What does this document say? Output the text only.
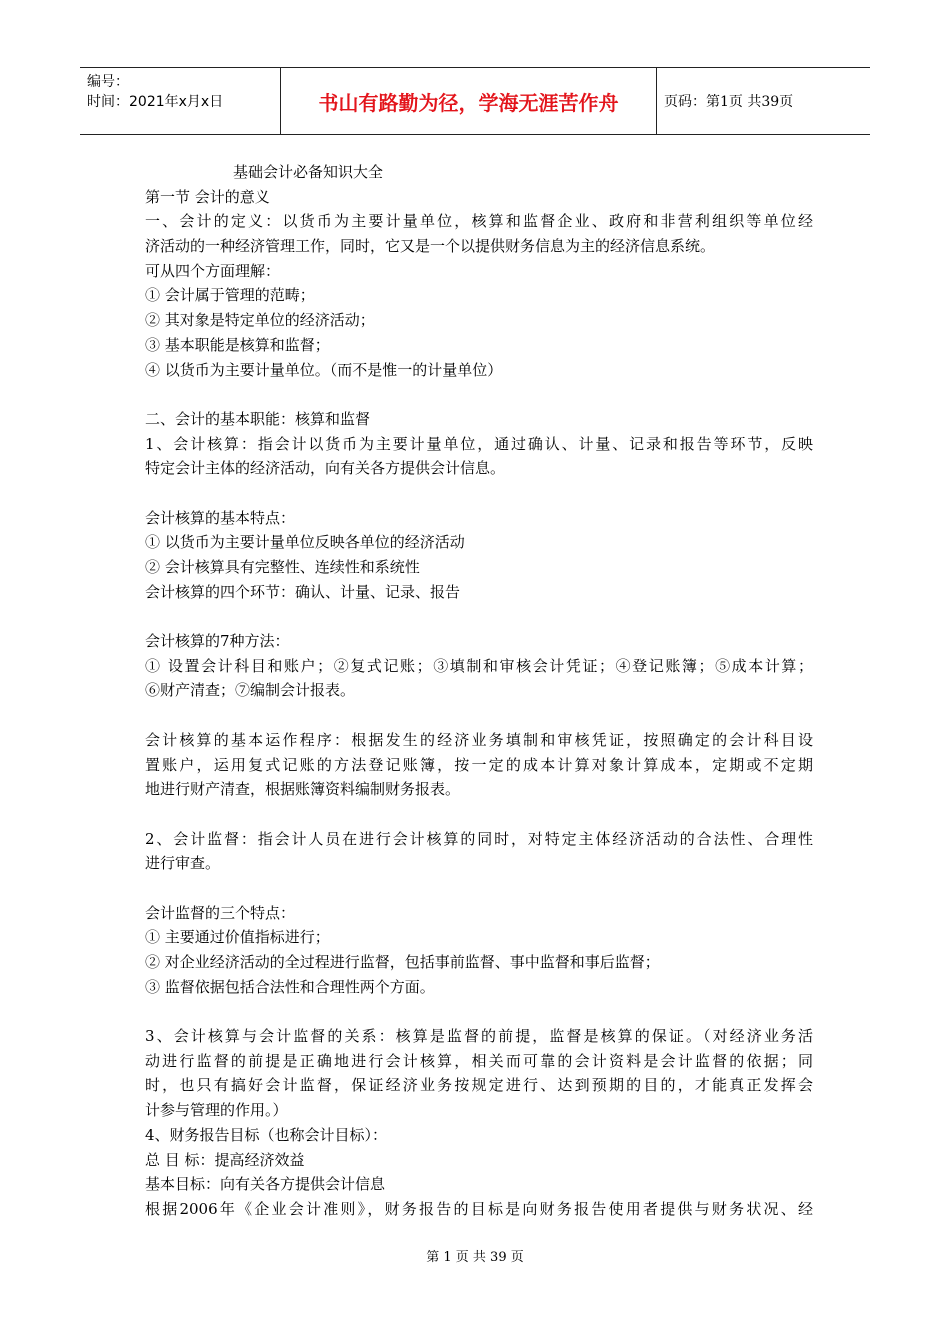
编号：
时间：2021年x月x日	书山有路勤为径，学海无涯苦作舟	页码：第1页 共39页
基础会计必备知识大全
第一节 会计的意义
一、会计的定义：以货币为主要计量单位，核算和监督企业、政府和非营利组织等单位经
济活动的一种经济管理工作，同时，它又是一个以提供财务信息为主的经济信息系统。
可从四个方面理解：
① 会计属于管理的范畴；
② 其对象是特定单位的经济活动；
③ 基本职能是核算和监督；
④ 以货币为主要计量单位。（而不是惟一的计量单位）
二、会计的基本职能：核算和监督
1、会计核算：指会计以货币为主要计量单位，通过确认、计量、记录和报告等环节，反映
特定会计主体的经济活动，向有关各方提供会计信息。
会计核算的基本特点：
① 以货币为主要计量单位反映各单位的经济活动
② 会计核算具有完整性、连续性和系统性
会计核算的四个环节：确认、计量、记录、报告
会计核算的7种方法：
① 设置会计科目和账户；②复式记账；③填制和审核会计凭证；④登记账簿；⑤成本计算；
⑥财产清查；⑦编制会计报表。
会计核算的基本运作程序：根据发生的经济业务填制和审核凭证，按照确定的会计科目设
置账户，运用复式记账的方法登记账簿，按一定的成本计算对象计算成本，定期或不定期
地进行财产清查，根据账簿资料编制财务报表。
2、会计监督：指会计人员在进行会计核算的同时，对特定主体经济活动的合法性、合理性
进行审查。
会计监督的三个特点：
① 主要通过价值指标进行；
② 对企业经济活动的全过程进行监督，包括事前监督、事中监督和事后监督；
③ 监督依据包括合法性和合理性两个方面。
3、会计核算与会计监督的关系：核算是监督的前提，监督是核算的保证。（对经济业务活
动进行监督的前提是正确地进行会计核算，相关而可靠的会计资料是会计监督的依据；同
时，也只有搞好会计监督，保证经济业务按规定进行、达到预期的目的，才能真正发挥会
计参与管理的作用。）
4、财务报告目标（也称会计目标）：
总 目 标：提高经济效益
基本目标：向有关各方提供会计信息
根据2006年《企业会计准则》，财务报告的目标是向财务报告使用者提供与财务状况、经
第 1 页 共 39 页
